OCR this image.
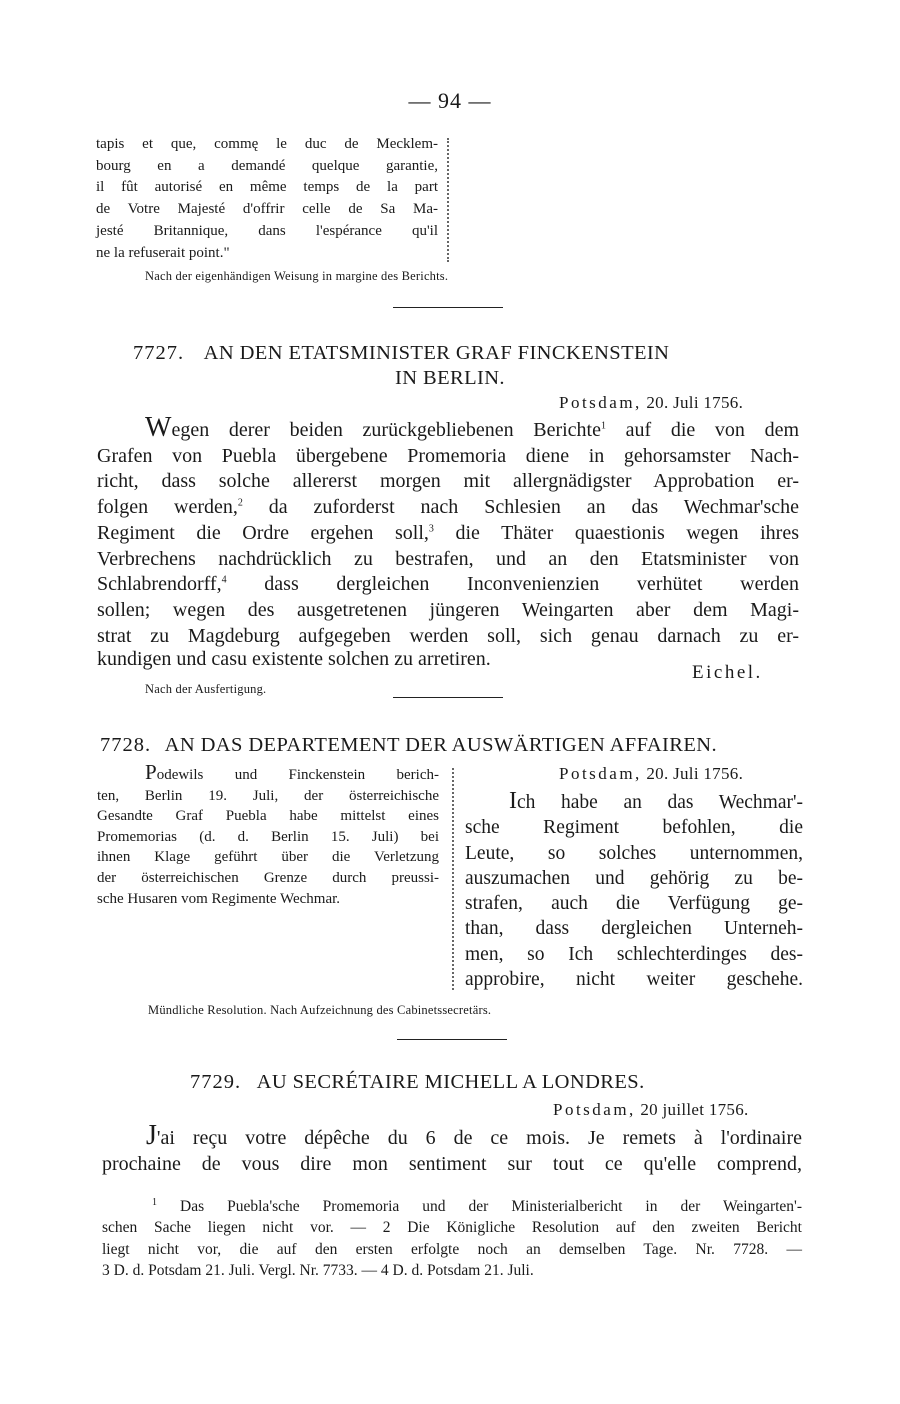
— 94 —
tapis et que, commę le duc de Mecklem-
bourg en a demandé quelque garantie,
il fût autorisé en même temps de la part
de Votre Majesté d'offrir celle de Sa Ma-
jesté Britannique, dans l'espérance qu'il
ne la refuserait point."
Nach der eigenhändigen Weisung in margine des Berichts.
7727. AN DEN ETATSMINISTER GRAF FINCKENSTEIN
IN BERLIN.
Potsdam, 20. Juli 1756.
Wegen derer beiden zurückgebliebenen Berichte$^1$ auf die von dem
Grafen von Puebla übergebene Promemoria diene in gehorsamster Nach-
richt, dass solche allererst morgen mit allergnädigster Approbation er-
folgen werden,$^2$ da zuforderst nach Schlesien an das Wechmar'sche
Regiment die Ordre ergehen soll,$^3$ die Thäter quaestionis wegen ihres
Verbrechens nachdrücklich zu bestrafen, und an den Etatsminister von
Schlabrendorff,$^4$ dass dergleichen Inconvenienzien verhütet werden
sollen; wegen des ausgetretenen jüngeren Weingarten aber dem Magi-
strat zu Magdeburg aufgegeben werden soll, sich genau darnach zu er-
kundigen und casu existente solchen zu arretiren.
Eichel.
Nach der Ausfertigung.
7728. AN DAS DEPARTEMENT DER AUSWÄRTIGEN AFFAIREN.
Podewils und Finckenstein berich-
ten, Berlin 19. Juli, der österreichische
Gesandte Graf Puebla habe mittelst eines
Promemorias (d. d. Berlin 15. Juli) bei
ihnen Klage geführt über die Verletzung
der österreichischen Grenze durch preussi-
sche Husaren vom Regimente Wechmar.
Potsdam, 20. Juli 1756.
Ich habe an das Wechmar'-
sche Regiment befohlen, die
Leute, so solches unternommen,
auszumachen und gehörig zu be-
strafen, auch die Verfügung ge-
than, dass dergleichen Unterneh-
men, so Ich schlechterdinges des-
approbire, nicht weiter geschehe.
Mündliche Resolution. Nach Aufzeichnung des Cabinetssecretärs.
7729. AU SECRÉTAIRE MICHELL A LONDRES.
Potsdam, 20 juillet 1756.
J'ai reçu votre dépêche du 6 de ce mois. Je remets à l'ordinaire
prochaine de vous dire mon sentiment sur tout ce qu'elle comprend,
$^1$ Das Puebla'sche Promemoria und der Ministerialbericht in der Weingarten'-
schen Sache liegen nicht vor. — 2 Die Königliche Resolution auf den zweiten Bericht
liegt nicht vor, die auf den ersten erfolgte noch an demselben Tage. Nr. 7728. —
3 D. d. Potsdam 21. Juli. Vergl. Nr. 7733. — 4 D. d. Potsdam 21. Juli.
